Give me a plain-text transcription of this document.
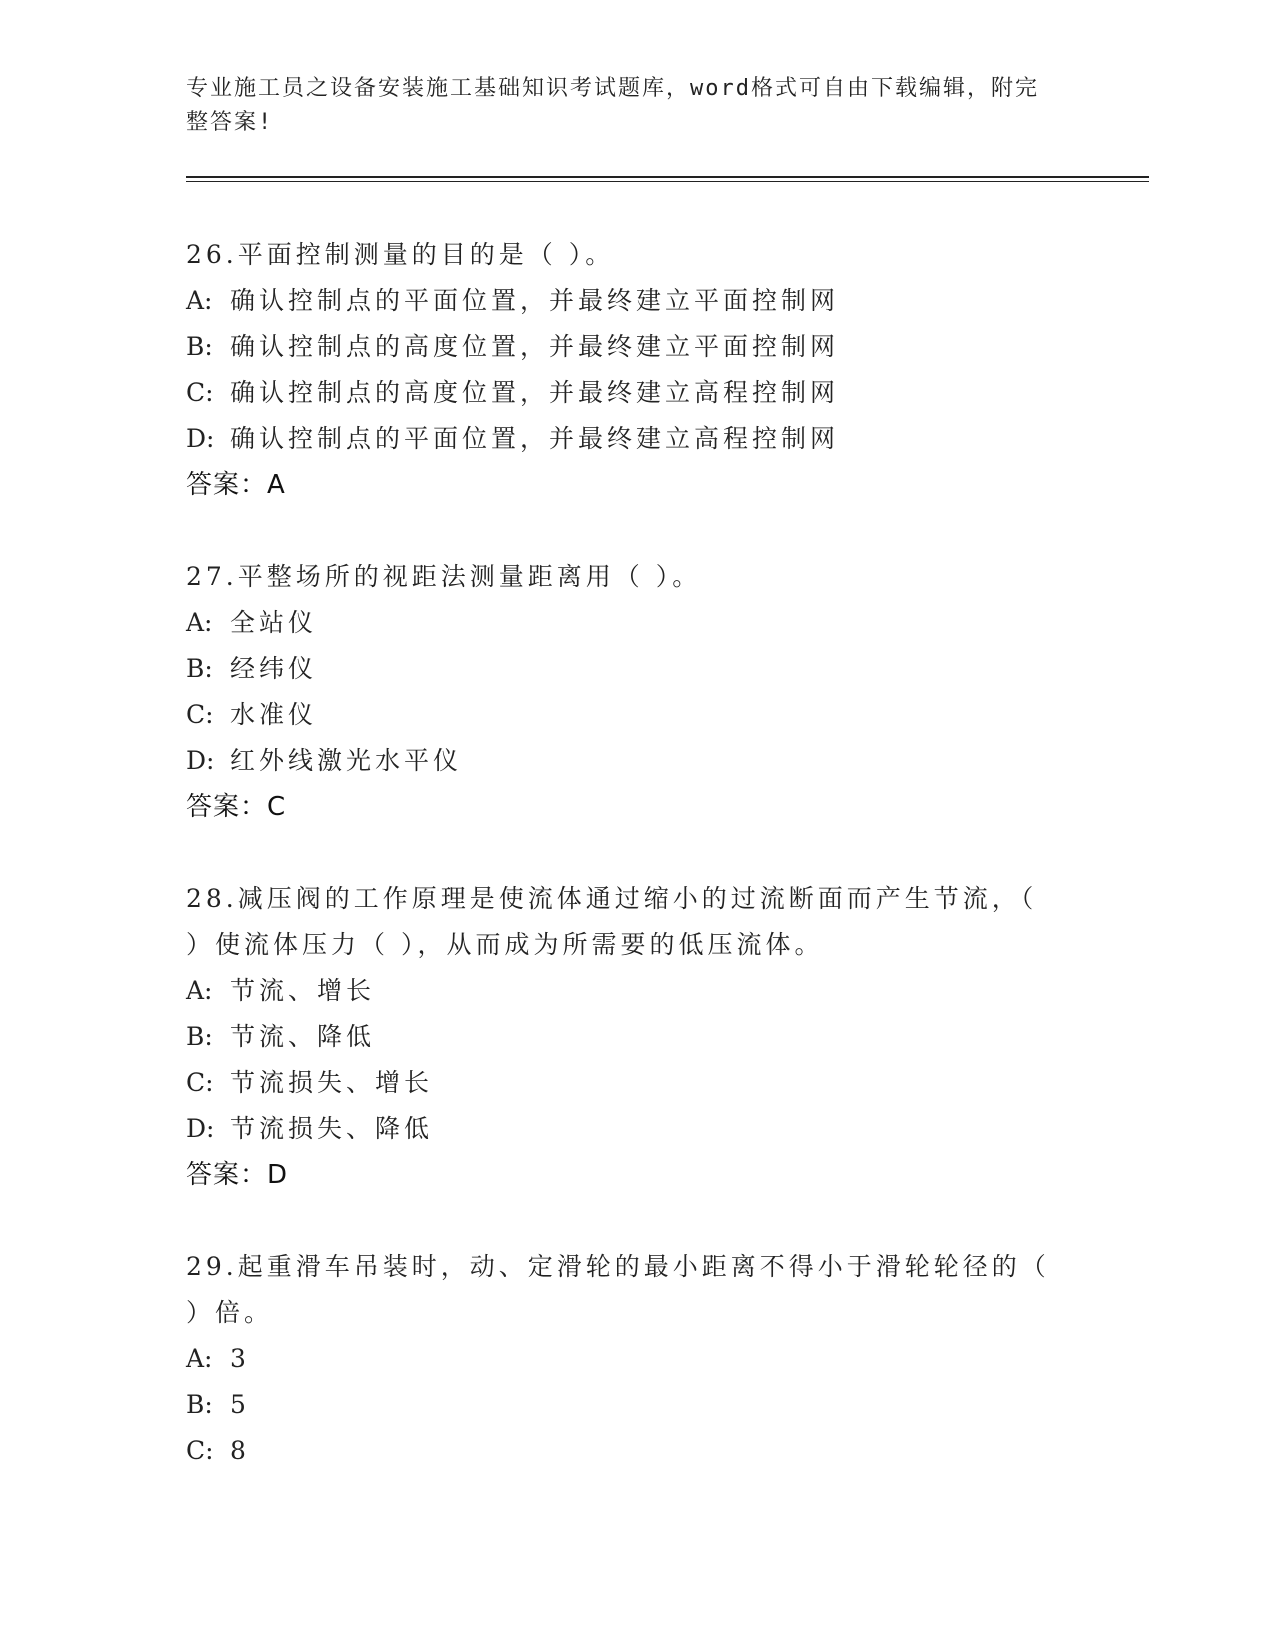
专业施工员之设备安装施工基础知识考试题库，word格式可自由下载编辑，附完
整答案!
26.平面控制测量的目的是（ ）。
A: 确认控制点的平面位置，并最终建立平面控制网
B: 确认控制点的高度位置，并最终建立平面控制网
C: 确认控制点的高度位置，并最终建立高程控制网
D: 确认控制点的平面位置，并最终建立高程控制网
答案：A
27.平整场所的视距法测量距离用（ ）。
A: 全站仪
B: 经纬仪
C: 水准仪
D: 红外线激光水平仪
答案：C
28.减压阀的工作原理是使流体通过缩小的过流断面而产生节流，（
）使流体压力（ ），从而成为所需要的低压流体。
A: 节流、增长
B: 节流、降低
C: 节流损失、增长
D: 节流损失、降低
答案：D
29.起重滑车吊装时，动、定滑轮的最小距离不得小于滑轮轮径的（
）倍。
A: 3
B: 5
C: 8
